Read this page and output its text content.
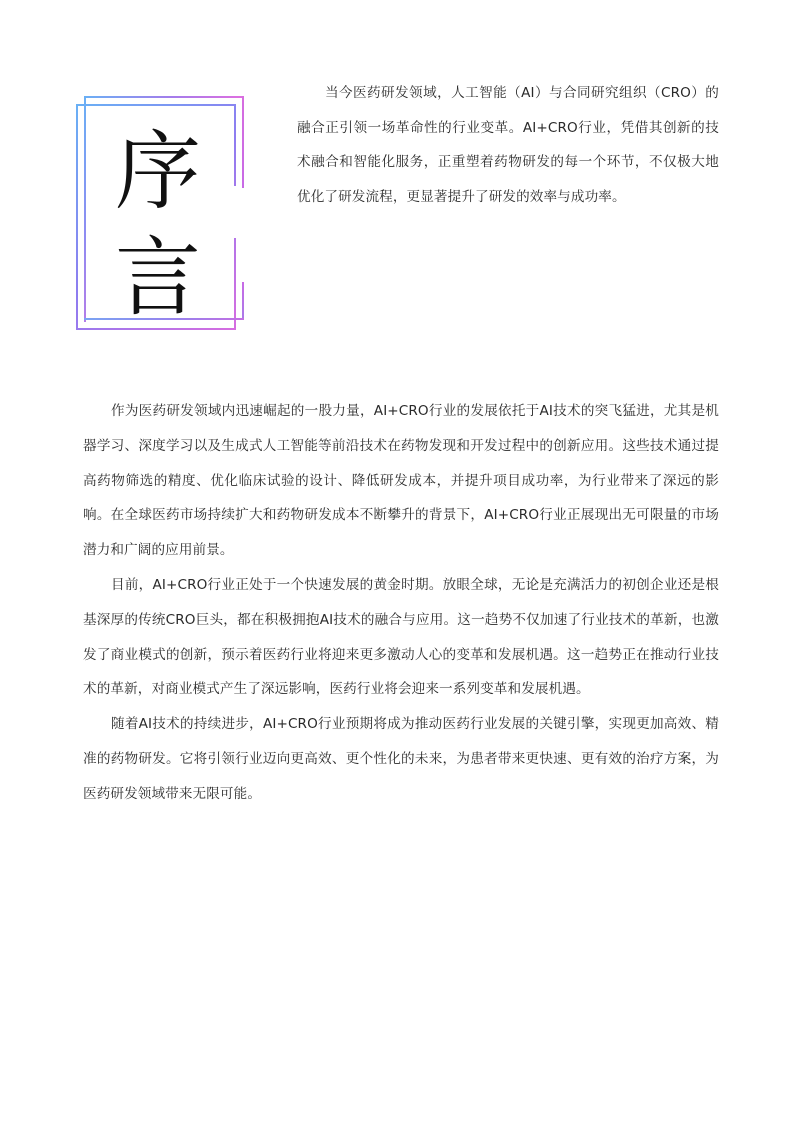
序
言

当今医药研发领域，人工智能（AI）与合同研究组织（CRO）的融合正引领一场革命性的行业变革。AI+CRO行业，凭借其创新的技术融合和智能化服务，正重塑着药物研发的每一个环节，不仅极大地优化了研发流程，更显著提升了研发的效率与成功率。

作为医药研发领域内迅速崛起的一股力量，AI+CRO行业的发展依托于AI技术的突飞猛进，尤其是机器学习、深度学习以及生成式人工智能等前沿技术在药物发现和开发过程中的创新应用。这些技术通过提高药物筛选的精度、优化临床试验的设计、降低研发成本，并提升项目成功率，为行业带来了深远的影响。在全球医药市场持续扩大和药物研发成本不断攀升的背景下，AI+CRO行业正展现出无可限量的市场潜力和广阔的应用前景。

目前，AI+CRO行业正处于一个快速发展的黄金时期。放眼全球，无论是充满活力的初创企业还是根基深厚的传统CRO巨头，都在积极拥抱AI技术的融合与应用。这一趋势不仅加速了行业技术的革新，也激发了商业模式的创新，预示着医药行业将迎来更多激动人心的变革和发展机遇。这一趋势正在推动行业技术的革新，对商业模式产生了深远影响，医药行业将会迎来一系列变革和发展机遇。

随着AI技术的持续进步，AI+CRO行业预期将成为推动医药行业发展的关键引擎，实现更加高效、精准的药物研发。它将引领行业迈向更高效、更个性化的未来，为患者带来更快速、更有效的治疗方案，为医药研发领域带来无限可能。
